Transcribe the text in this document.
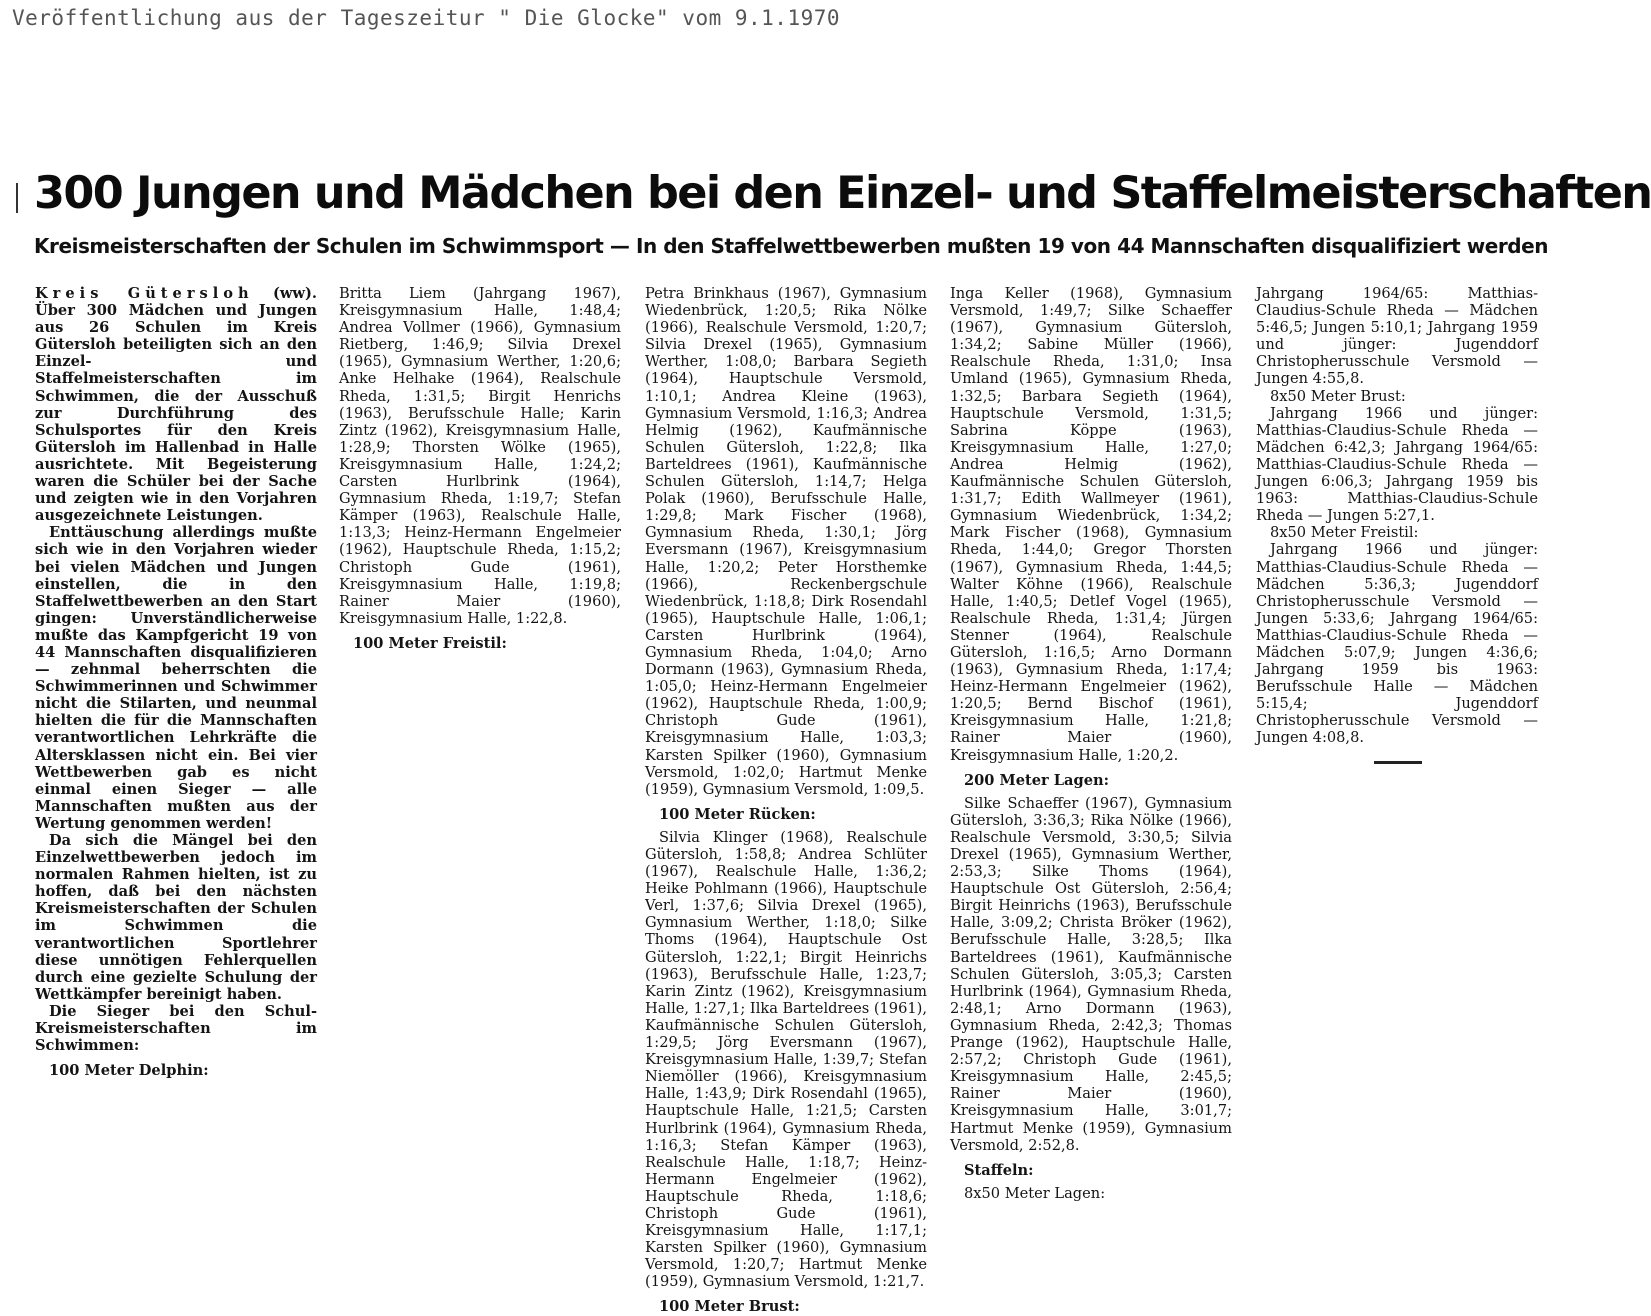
Veröffentlichung aus der Tageszeitur " Die Glocke" vom 9.1.1970
300 Jungen und Mädchen bei den Einzel- und Staffelmeisterschaften
Kreismeisterschaften der Schulen im Schwimmsport — In den Staffelwettbewerben mußten 19 von 44 Mannschaften disqualifiziert werden

Kreis Gütersloh (ww). Über 300 Mädchen und Jungen aus 26 Schulen im Kreis Gütersloh beteiligten sich an den Einzel- und Staffelmeisterschaften im Schwimmen, die der Ausschuß zur Durchführung des Schulsportes für den Kreis Gütersloh im Hallenbad in Halle ausrichtete. Mit Begeisterung waren die Schüler bei der Sache und zeigten wie in den Vorjahren ausgezeichnete Leistungen.

Enttäuschung allerdings mußte sich wie in den Vorjahren wieder bei vielen Mädchen und Jungen einstellen, die in den Staffelwettbewerben an den Start gingen: Unverständlicherweise mußte das Kampfgericht 19 von 44 Mannschaften disqualifizieren — zehnmal beherrschten die Schwimmerinnen und Schwimmer nicht die Stilarten, und neunmal hielten die für die Mannschaften verantwortlichen Lehrkräfte die Altersklassen nicht ein. Bei vier Wettbewerben gab es nicht einmal einen Sieger — alle Mannschaften mußten aus der Wertung genommen werden!

Da sich die Mängel bei den Einzelwettbewerben jedoch im normalen Rahmen hielten, ist zu hoffen, daß bei den nächsten Kreismeisterschaften der Schulen im Schwimmen die verantwortlichen Sportlehrer diese unnötigen Fehlerquellen durch eine gezielte Schulung der Wettkämpfer bereinigt haben.

Die Sieger bei den Schul-Kreismeisterschaften im Schwimmen:

100 Meter Delphin:

Britta Liem (Jahrgang 1967), Kreisgymnasium Halle, 1:48,4; Andrea Vollmer (1966), Gymnasium Rietberg, 1:46,9; Silvia Drexel (1965), Gymnasium Werther, 1:20,6; Anke Helhake (1964), Realschule Rheda, 1:31,5; Birgit Henrichs (1963), Berufsschule Halle; Karin Zintz (1962), Kreisgymnasium Halle, 1:28,9; Thorsten Wölke (1965), Kreisgymnasium Halle, 1:24,2; Carsten Hurlbrink (1964), Gymnasium Rheda, 1:19,7; Stefan Kämper (1963), Realschule Halle, 1:13,3; Heinz-Hermann Engelmeier (1962), Hauptschule Rheda, 1:15,2; Christoph Gude (1961), Kreisgymnasium Halle, 1:19,8; Rainer Maier (1960), Kreisgymnasium Halle, 1:22,8.

100 Meter Freistil:

Petra Brinkhaus (1967), Gymnasium Wiedenbrück, 1:20,5; Rika Nölke (1966), Realschule Versmold, 1:20,7; Silvia Drexel (1965), Gymnasium Werther, 1:08,0; Barbara Segieth (1964), Hauptschule Versmold, 1:10,1; Andrea Kleine (1963), Gymnasium Versmold, 1:16,3; Andrea Helmig (1962), Kaufmännische Schulen Gütersloh, 1:22,8; Ilka Barteldrees (1961), Kaufmännische Schulen Gütersloh, 1:14,7; Helga Polak (1960), Berufsschule Halle, 1:29,8; Mark Fischer (1968), Gymnasium Rheda, 1:30,1; Jörg Eversmann (1967), Kreisgymnasium Halle, 1:20,2; Peter Horsthemke (1966), Reckenbergschule Wiedenbrück, 1:18,8; Dirk Rosendahl (1965), Hauptschule Halle, 1:06,1; Carsten Hurlbrink (1964), Gymnasium Rheda, 1:04,0; Arno Dormann (1963), Gymnasium Rheda, 1:05,0; Heinz-Hermann Engelmeier (1962), Hauptschule Rheda, 1:00,9; Christoph Gude (1961), Kreisgymnasium Halle, 1:03,3; Karsten Spilker (1960), Gymnasium Versmold, 1:02,0; Hartmut Menke (1959), Gymnasium Versmold, 1:09,5.

100 Meter Rücken:

Silvia Klinger (1968), Realschule Gütersloh, 1:58,8; Andrea Schlüter (1967), Realschule Halle, 1:36,2; Heike Pohlmann (1966), Hauptschule Verl, 1:37,6; Silvia Drexel (1965), Gymnasium Werther, 1:18,0; Silke Thoms (1964), Hauptschule Ost Gütersloh, 1:22,1; Birgit Heinrichs (1963), Berufsschule Halle, 1:23,7; Karin Zintz (1962), Kreisgymnasium Halle, 1:27,1; Ilka Barteldrees (1961), Kaufmännische Schulen Gütersloh, 1:29,5; Jörg Eversmann (1967), Kreisgymnasium Halle, 1:39,7; Stefan Niemöller (1966), Kreisgymnasium Halle, 1:43,9; Dirk Rosendahl (1965), Hauptschule Halle, 1:21,5; Carsten Hurlbrink (1964), Gymnasium Rheda, 1:16,3; Stefan Kämper (1963), Realschule Halle, 1:18,7; Heinz-Hermann Engelmeier (1962), Hauptschule Rheda, 1:18,6; Christoph Gude (1961), Kreisgymnasium Halle, 1:17,1; Karsten Spilker (1960), Gymnasium Versmold, 1:20,7; Hartmut Menke (1959), Gymnasium Versmold, 1:21,7.

100 Meter Brust:

Inga Keller (1968), Gymnasium Versmold, 1:49,7; Silke Schaeffer (1967), Gymnasium Gütersloh, 1:34,2; Sabine Müller (1966), Realschule Rheda, 1:31,0; Insa Umland (1965), Gymnasium Rheda, 1:32,5; Barbara Segieth (1964), Hauptschule Versmold, 1:31,5; Sabrina Köppe (1963), Kreisgymnasium Halle, 1:27,0; Andrea Helmig (1962), Kaufmännische Schulen Gütersloh, 1:31,7; Edith Wallmeyer (1961), Gymnasium Wiedenbrück, 1:34,2; Mark Fischer (1968), Gymnasium Rheda, 1:44,0; Gregor Thorsten (1967), Gymnasium Rheda, 1:44,5; Walter Köhne (1966), Realschule Halle, 1:40,5; Detlef Vogel (1965), Realschule Rheda, 1:31,4; Jürgen Stenner (1964), Realschule Gütersloh, 1:16,5; Arno Dormann (1963), Gymnasium Rheda, 1:17,4; Heinz-Hermann Engelmeier (1962), 1:20,5; Bernd Bischof (1961), Kreisgymnasium Halle, 1:21,8; Rainer Maier (1960), Kreisgymnasium Halle, 1:20,2.

200 Meter Lagen:

Silke Schaeffer (1967), Gymnasium Gütersloh, 3:36,3; Rika Nölke (1966), Realschule Versmold, 3:30,5; Silvia Drexel (1965), Gymnasium Werther, 2:53,3; Silke Thoms (1964), Hauptschule Ost Gütersloh, 2:56,4; Birgit Heinrichs (1963), Berufsschule Halle, 3:09,2; Christa Bröker (1962), Berufsschule Halle, 3:28,5; Ilka Barteldrees (1961), Kaufmännische Schulen Gütersloh, 3:05,3; Carsten Hurlbrink (1964), Gymnasium Rheda, 2:48,1; Arno Dormann (1963), Gymnasium Rheda, 2:42,3; Thomas Prange (1962), Hauptschule Halle, 2:57,2; Christoph Gude (1961), Kreisgymnasium Halle, 2:45,5; Rainer Maier (1960), Kreisgymnasium Halle, 3:01,7; Hartmut Menke (1959), Gymnasium Versmold, 2:52,8.

Staffeln:

8x50 Meter Lagen:

Jahrgang 1964/65: Matthias-Claudius-Schule Rheda — Mädchen 5:46,5; Jungen 5:10,1; Jahrgang 1959 und jünger: Jugenddorf Christopherusschule Versmold — Jungen 4:55,8.

8x50 Meter Brust:

Jahrgang 1966 und jünger: Matthias-Claudius-Schule Rheda — Mädchen 6:42,3; Jahrgang 1964/65: Matthias-Claudius-Schule Rheda — Jungen 6:06,3; Jahrgang 1959 bis 1963: Matthias-Claudius-Schule Rheda — Jungen 5:27,1.

8x50 Meter Freistil:

Jahrgang 1966 und jünger: Matthias-Claudius-Schule Rheda — Mädchen 5:36,3; Jugenddorf Christopherusschule Versmold — Jungen 5:33,6; Jahrgang 1964/65: Matthias-Claudius-Schule Rheda — Mädchen 5:07,9; Jungen 4:36,6; Jahrgang 1959 bis 1963: Berufsschule Halle — Mädchen 5:15,4; Jugenddorf Christopherusschule Versmold — Jungen 4:08,8.
